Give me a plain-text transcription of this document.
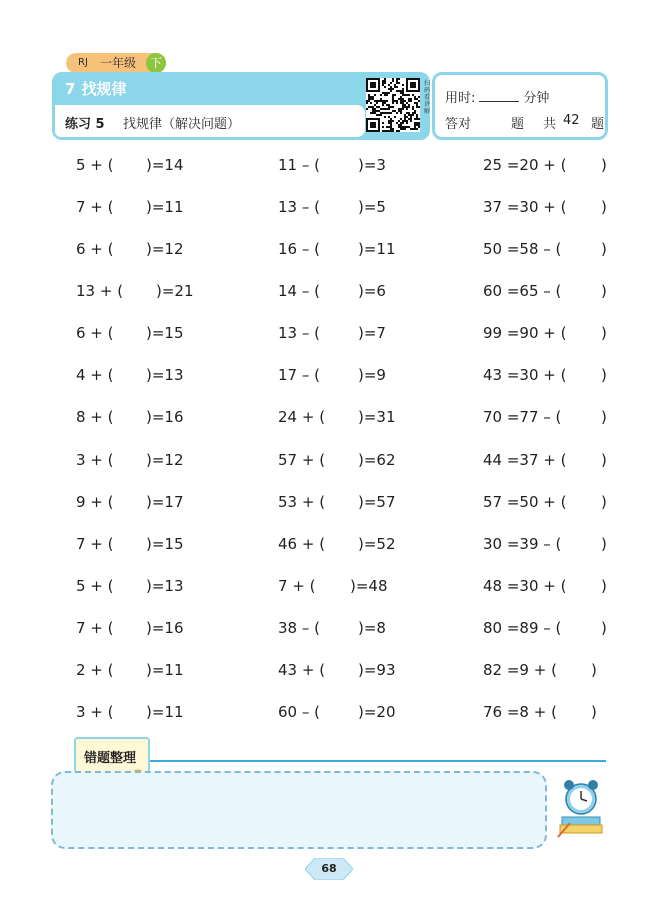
RJ 一年级	下
7 找规律
练习 5 找规律（解决问题）
扫码看讲解
用时:	分钟
答对	题 共 42 题
5 + ( )=14
7 + ( )=11
6 + ( )=12
13 + ( )=21
6 + ( )=15
4 + ( )=13
8 + ( )=16
3 + ( )=12
9 + ( )=17
7 + ( )=15
5 + ( )=13
7 + ( )=16
2 + ( )=11
3 + ( )=11
11 – (	)=3
13 – (	)=5
16 – (	)=11
14 – (	)=6
13 – (	)=7
17 – (	)=9
24 + ( )=31
57 + ( )=62
53 + ( )=57
46 + ( )=52
7 + ( )=48
38 – (	)=8
43 + ( )=93
60 – (	)=20
25 =20 + ( )
37 =30 + ( )
50 =58 – (	)
60 =65 – (	)
99 =90 + ( )
43 =30 + ( )
70 =77 – (	)
44 =37 + ( )
57 =50 + ( )
30 =39 – (	)
48 =30 + ( )
80 =89 – (	)
82 =9 + ( )
76 =8 + ( )
错题整理
68
